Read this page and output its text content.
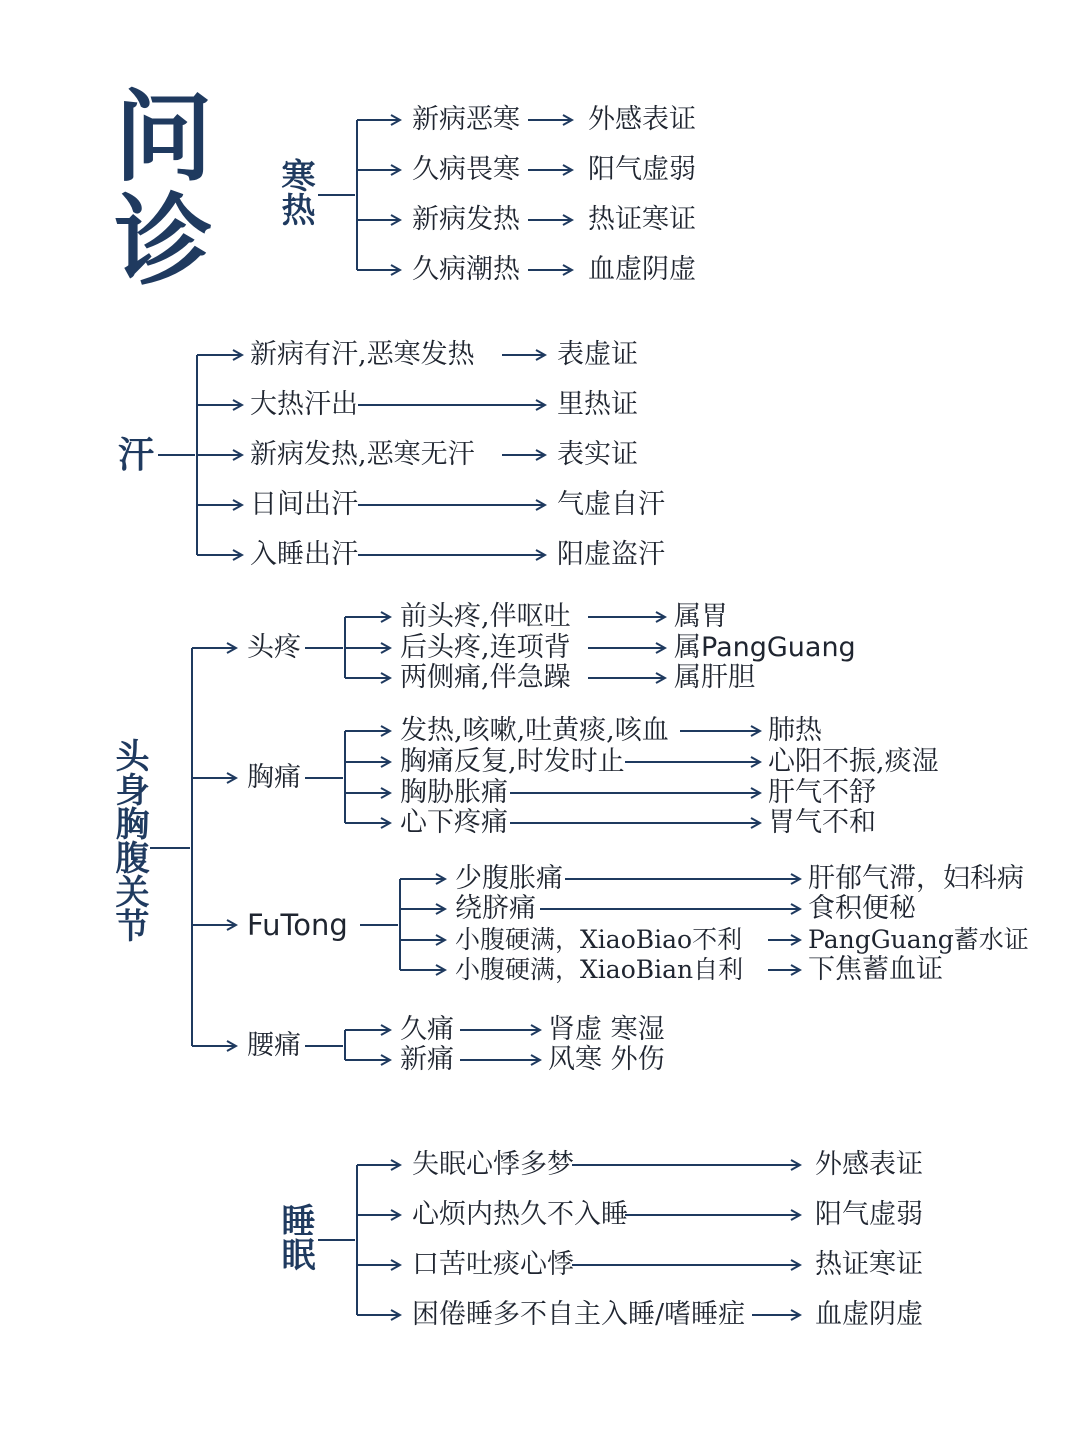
问诊 寒热
新病恶寒
久病畏寒
新病发热
久病潮热
外感表证
阳气虚弱
热证寒证
血虚阴虚
汗
新病有汗,恶寒发热
大热汗出
新病发热,恶寒无汗
日间出汗
入睡出汗
表虚证
里热证
表实证
气虚自汗
阳虚盗汗
头身胸腹关节
头疼
胸痛
FuTong
腰痛
前头疼,伴呕吐
后头疼,连项背
两侧痛,伴急躁
属胃
属PangGuang
属肝胆
发热,咳嗽,吐黄痰,咳血
胸痛反复,时发时止
胸胁胀痛
心下疼痛
肺热
心阳不振,痰湿
肝气不舒
胃气不和
少腹胀痛
绕脐痛
小腹硬满，XiaoBiao不利
小腹硬满，XiaoBian自利
肝郁气滞，妇科病
食积便秘
PangGuang蓄水证
下焦蓄血证
久痛
新痛
肾虚 寒湿
风寒 外伤
睡眠
失眠心悸多梦
心烦内热久不入睡
口苦吐痰心悸
困倦睡多不自主入睡/嗜睡症
外感表证
阳气虚弱
热证寒证
血虚阴虚
